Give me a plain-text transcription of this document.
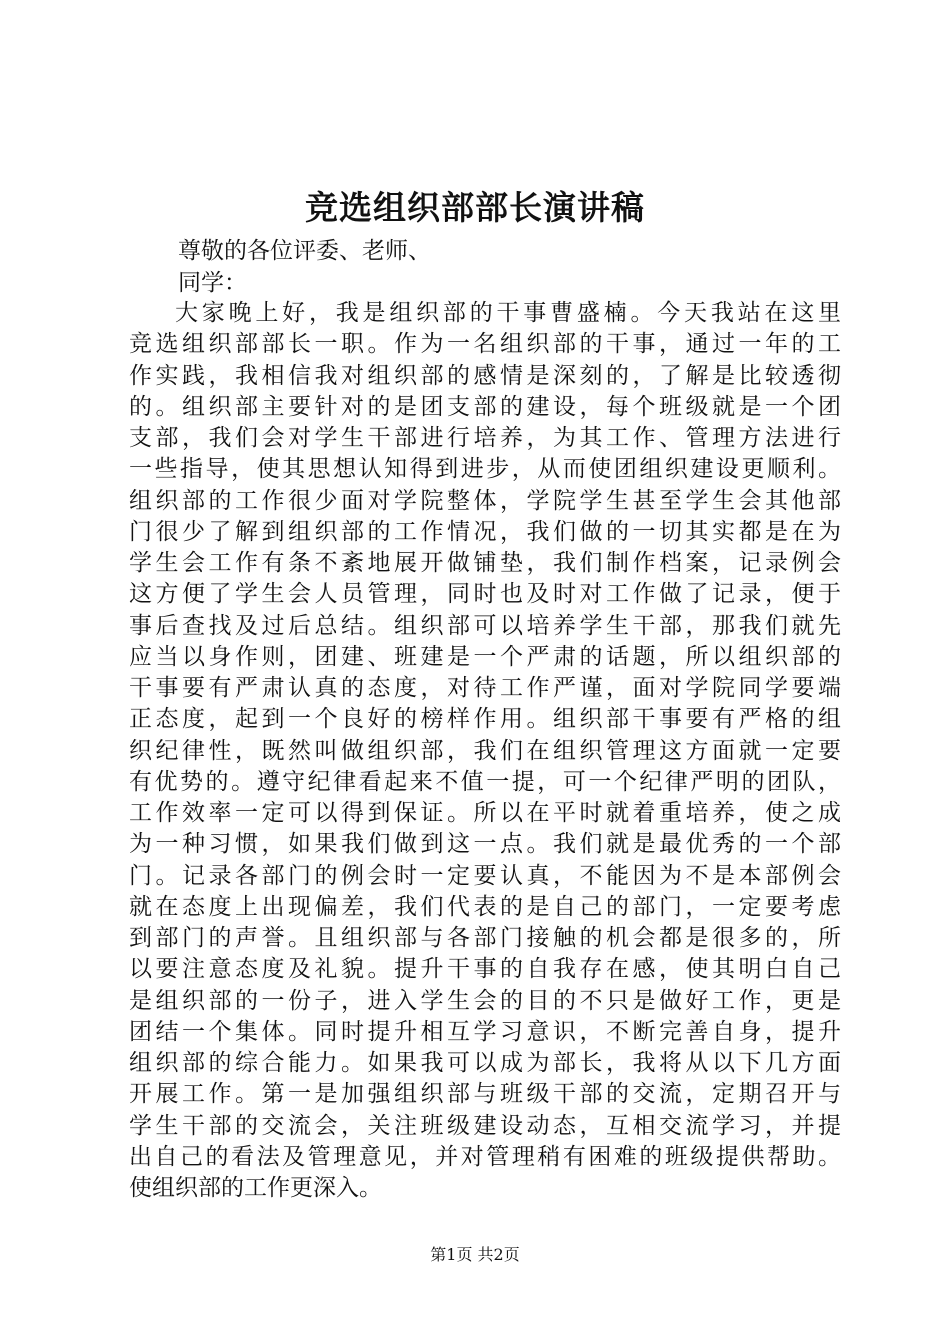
竞选组织部部长演讲稿
尊敬的各位评委、老师、
同学：
大家晚上好，我是组织部的干事曹盛楠。今天我站在这里
竞选组织部部长一职。作为一名组织部的干事，通过一年的工
作实践，我相信我对组织部的感情是深刻的，了解是比较透彻
的。组织部主要针对的是团支部的建设，每个班级就是一个团
支部，我们会对学生干部进行培养，为其工作、管理方法进行
一些指导，使其思想认知得到进步，从而使团组织建设更顺利。
组织部的工作很少面对学院整体，学院学生甚至学生会其他部
门很少了解到组织部的工作情况，我们做的一切其实都是在为
学生会工作有条不紊地展开做铺垫，我们制作档案，记录例会
这方便了学生会人员管理，同时也及时对工作做了记录，便于
事后查找及过后总结。组织部可以培养学生干部，那我们就先
应当以身作则，团建、班建是一个严肃的话题，所以组织部的
干事要有严肃认真的态度，对待工作严谨，面对学院同学要端
正态度，起到一个良好的榜样作用。组织部干事要有严格的组
织纪律性，既然叫做组织部，我们在组织管理这方面就一定要
有优势的。遵守纪律看起来不值一提，可一个纪律严明的团队，
工作效率一定可以得到保证。所以在平时就着重培养，使之成
为一种习惯，如果我们做到这一点。我们就是最优秀的一个部
门。记录各部门的例会时一定要认真，不能因为不是本部例会
就在态度上出现偏差，我们代表的是自己的部门，一定要考虑
到部门的声誉。且组织部与各部门接触的机会都是很多的，所
以要注意态度及礼貌。提升干事的自我存在感，使其明白自己
是组织部的一份子，进入学生会的目的不只是做好工作，更是
团结一个集体。同时提升相互学习意识，不断完善自身，提升
组织部的综合能力。如果我可以成为部长，我将从以下几方面
开展工作。第一是加强组织部与班级干部的交流，定期召开与
学生干部的交流会，关注班级建设动态，互相交流学习，并提
出自己的看法及管理意见，并对管理稍有困难的班级提供帮助。
使组织部的工作更深入。
第1页 共2页
